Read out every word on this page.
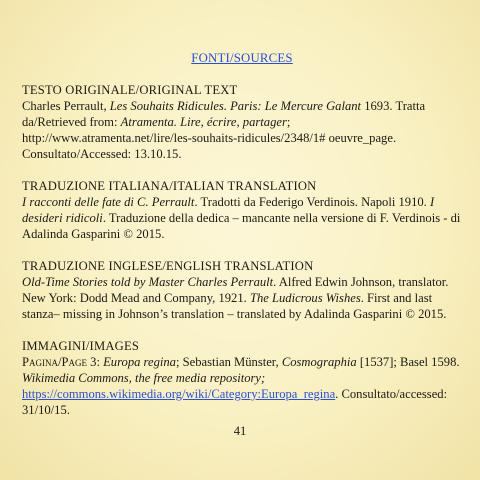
FONTI/SOURCES
TESTO ORIGINALE/ORIGINAL TEXT
Charles Perrault, Les Souhaits Ridicules. Paris: Le Mercure Galant 1693. Tratta da/Retrieved from: Atramenta. Lire, écrire, partager; http://www.atramenta.net/lire/les-souhaits-ridicules/2348/1# oeuvre_page. Consultato/Accessed: 13.10.15.
TRADUZIONE ITALIANA/ITALIAN TRANSLATION
I racconti delle fate di C. Perrault. Tradotti da Federigo Verdinois. Napoli 1910. I desideri ridicoli. Traduzione della dedica – mancante nella versione di F. Verdinois - di Adalinda Gasparini © 2015.
TRADUZIONE INGLESE/ENGLISH TRANSLATION
Old-Time Stories told by Master Charles Perrault. Alfred Edwin Johnson, translator. New York: Dodd Mead and Company, 1921. The Ludicrous Wishes. First and last stanza– missing in Johnson’s translation – translated by Adalinda Gasparini © 2015.
IMMAGINI/IMAGES
Pagina/Page 3: Europa regina; Sebastian Münster, Cosmographia [1537]; Basel 1598. Wikimedia Commons, the free media repository;
https://commons.wikimedia.org/wiki/Category:Europa_regina. Consultato/accessed: 31/10/15.
41
